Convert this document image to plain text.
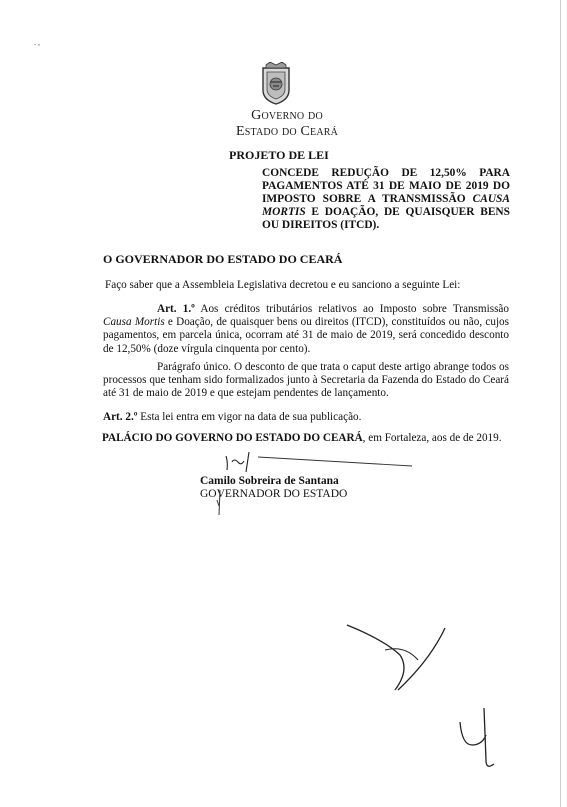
. ,
Governo do
Estado do Ceará
PROJETO DE LEI
CONCEDE REDUÇÃO DE 12,50% PARA PAGAMENTOS ATÉ 31 DE MAIO DE 2019 DO IMPOSTO SOBRE A TRANSMISSÃO CAUSA MORTIS E DOAÇÃO, DE QUAISQUER BENS OU DIREITOS (ITCD).
O GOVERNADOR DO ESTADO DO CEARÁ
Faço saber que a Assembleia Legislativa decretou e eu sanciono a seguinte Lei:
Art. 1.º Aos créditos tributários relativos ao Imposto sobre Transmissão Causa Mortis e Doação, de quaisquer bens ou direitos (ITCD), constituídos ou não, cujos pagamentos, em parcela única, ocorram até 31 de maio de 2019, será concedido desconto de 12,50% (doze vírgula cinquenta por cento).
Parágrafo único. O desconto de que trata o caput deste artigo abrange todos os processos que tenham sido formalizados junto à Secretaria da Fazenda do Estado do Ceará até 31 de maio de 2019 e que estejam pendentes de lançamento.
Art. 2.º Esta lei entra em vigor na data de sua publicação.
PALÁCIO DO GOVERNO DO ESTADO DO CEARÁ, em Fortaleza, aos de de 2019.
Camilo Sobreira de Santana
GOVERNADOR DO ESTADO
